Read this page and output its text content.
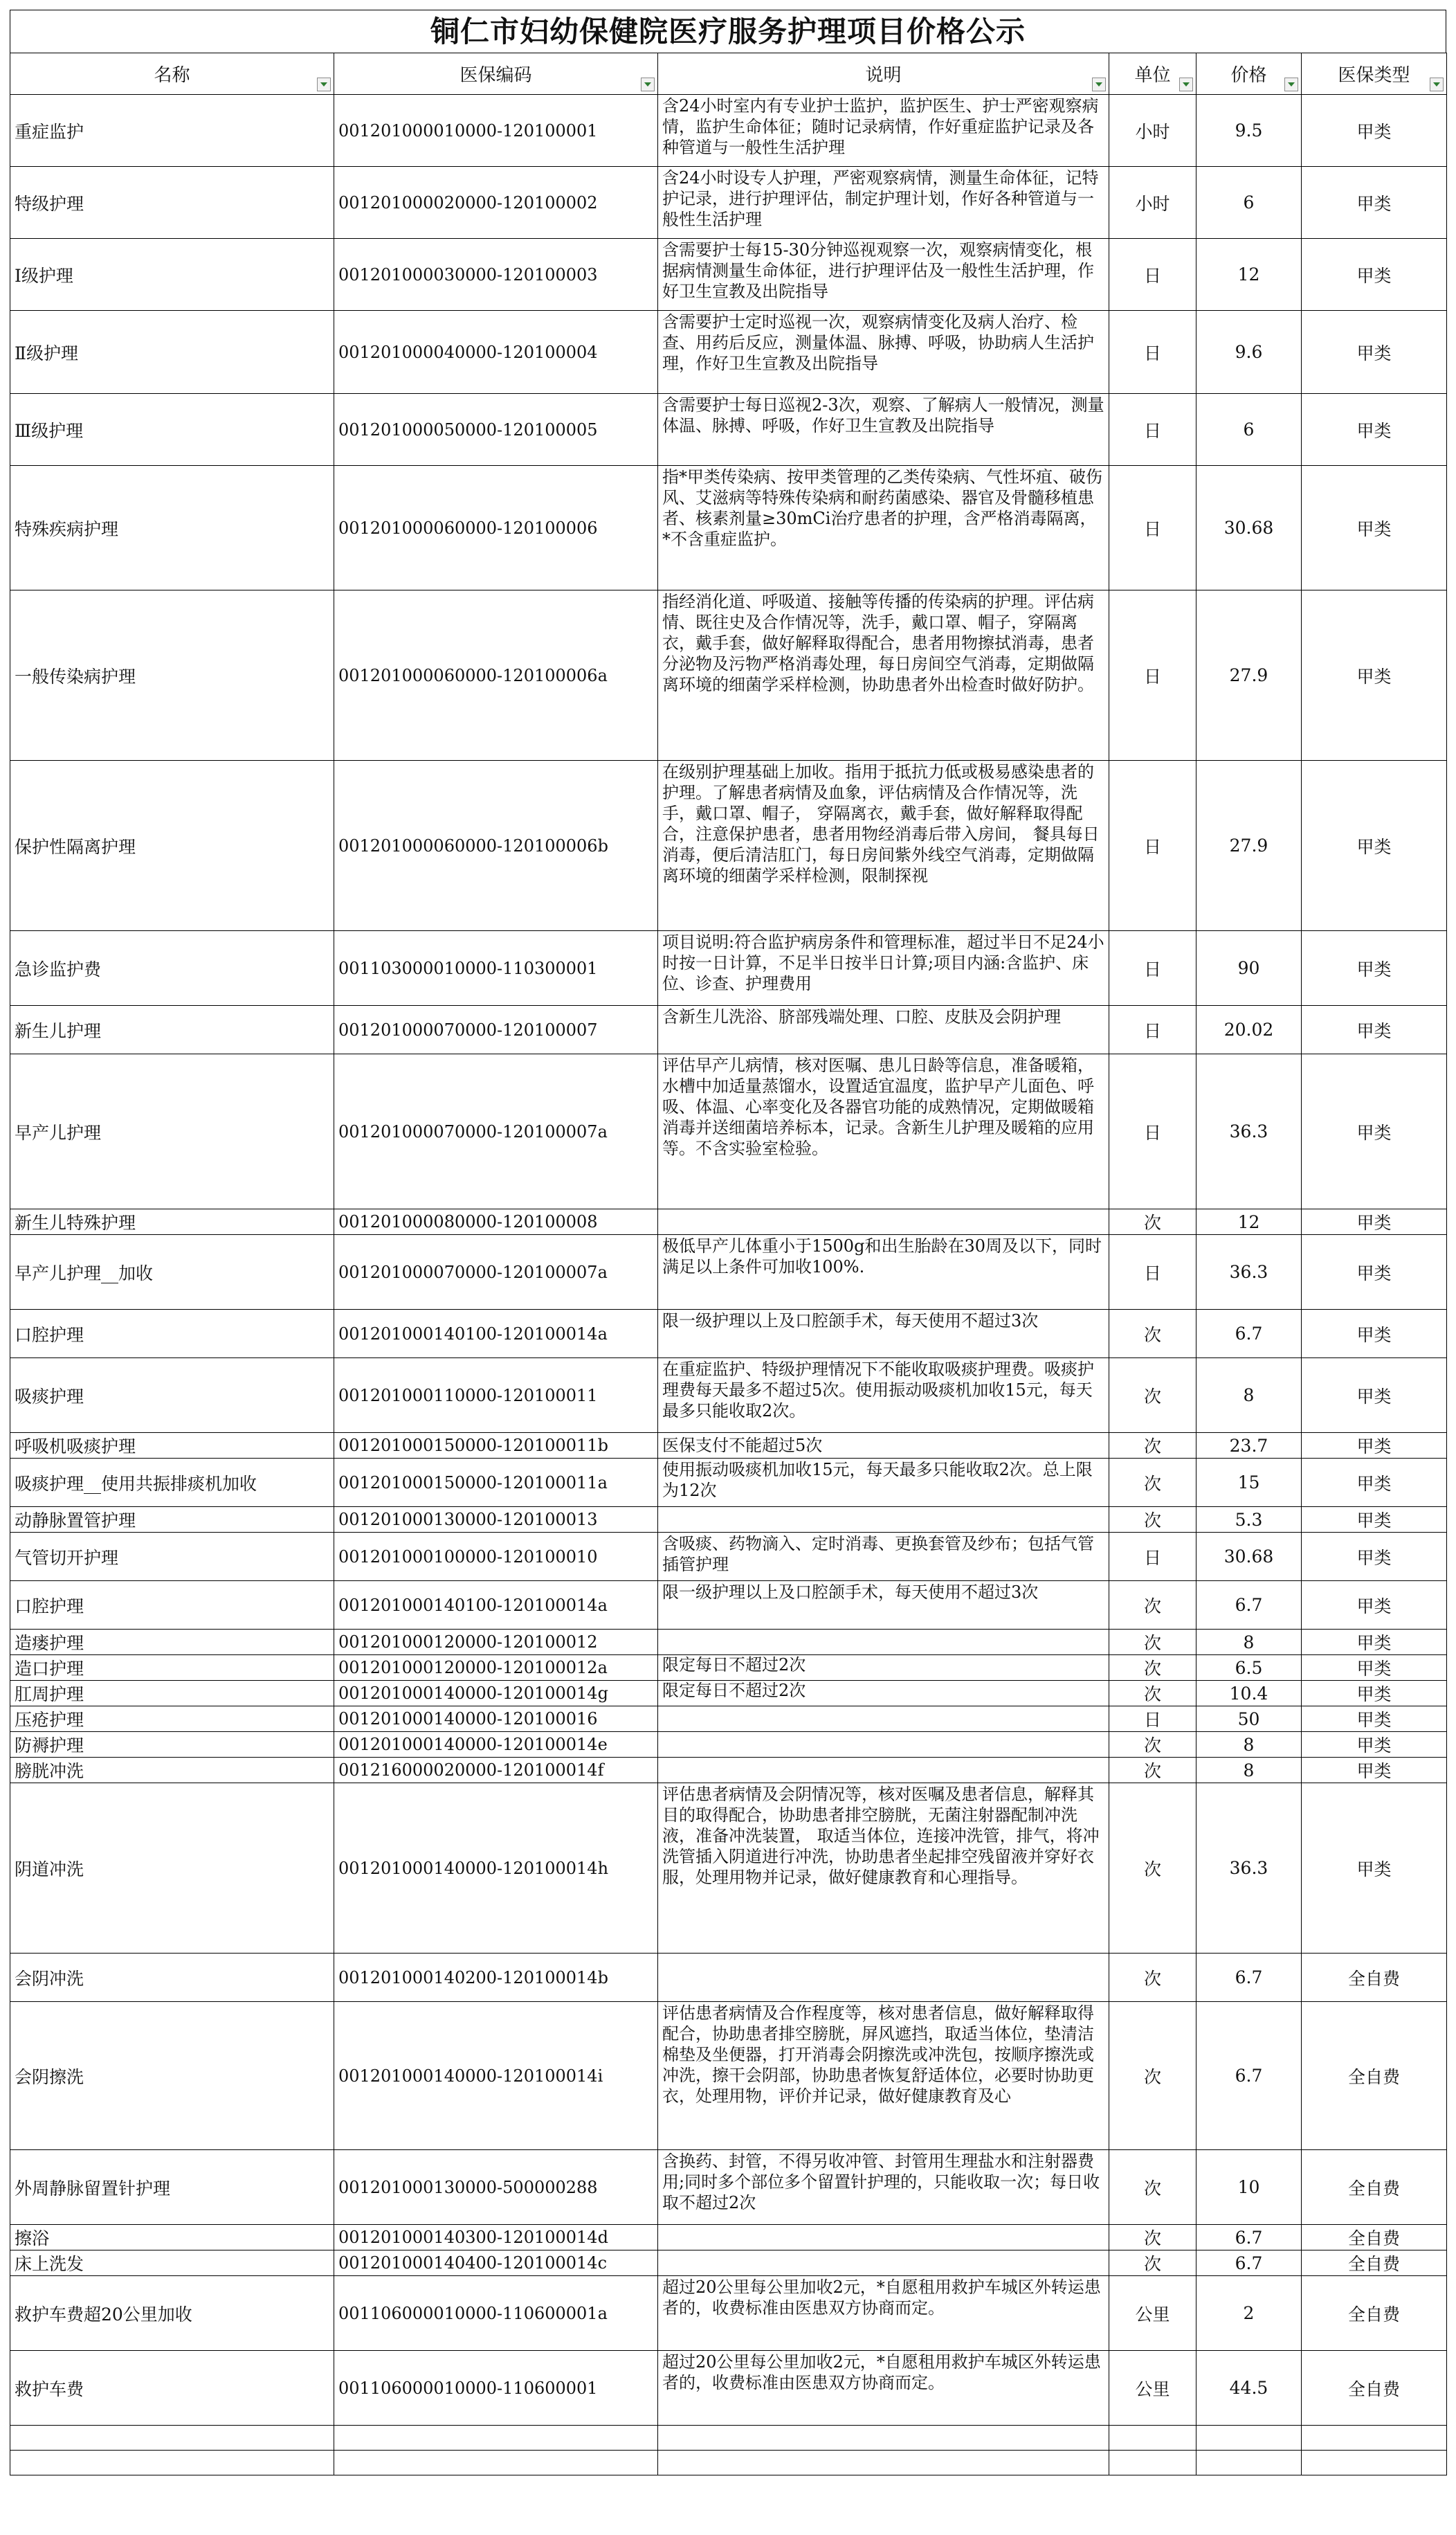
铜仁市妇幼保健院医疗服务护理项目价格公示
名称	医保编码	说明	单位	价格	医保类型

重症监护	001201000010000-120100001	含24小时室内有专业护士监护，监护医生、护士严密观察病情，监护生命体征；随时记录病情，作好重症监护记录及各种管道与一般性生活护理	小时	9.5	甲类
特级护理	001201000020000-120100002	含24小时设专人护理，严密观察病情，测量生命体征，记特护记录，进行护理评估，制定护理计划，作好各种管道与一般性生活护理	小时	6	甲类
Ⅰ级护理	001201000030000-120100003	含需要护士每15-30分钟巡视观察一次，观察病情变化，根据病情测量生命体征，进行护理评估及一般性生活护理，作好卫生宣教及出院指导	日	12	甲类
Ⅱ级护理	001201000040000-120100004	含需要护士定时巡视一次，观察病情变化及病人治疗、检查、用药后反应，测量体温、脉搏、呼吸，协助病人生活护理，作好卫生宣教及出院指导	日	9.6	甲类
Ⅲ级护理	001201000050000-120100005	含需要护士每日巡视2-3次，观察、了解病人一般情况，测量体温、脉搏、呼吸，作好卫生宣教及出院指导	日	6	甲类
特殊疾病护理	001201000060000-120100006	指*甲类传染病、按甲类管理的乙类传染病、气性坏疽、破伤风、艾滋病等特殊传染病和耐药菌感染、器官及骨髓移植患者、核素剂量≥30mCi治疗患者的护理，含严格消毒隔离，*不含重症监护。	日	30.68	甲类
一般传染病护理	001201000060000-120100006a	指经消化道、呼吸道、接触等传播的传染病的护理。评估病情、既往史及合作情况等，洗手，戴口罩、帽子，穿隔离衣，戴手套，做好解释取得配合，患者用物擦拭消毒，患者分泌物及污物严格消毒处理，每日房间空气消毒，定期做隔离环境的细菌学采样检测，协助患者外出检查时做好防护。	日	27.9	甲类
保护性隔离护理	001201000060000-120100006b	在级别护理基础上加收。指用于抵抗力低或极易感染患者的护理。了解患者病情及血象，评估病情及合作情况等，洗手，戴口罩、帽子， 穿隔离衣，戴手套，做好解释取得配合，注意保护患者，患者用物经消毒后带入房间， 餐具每日消毒，便后清洁肛门，每日房间紫外线空气消毒，定期做隔离环境的细菌学采样检测，限制探视	日	27.9	甲类
急诊监护费	001103000010000-110300001	项目说明:符合监护病房条件和管理标准，超过半日不足24小时按一日计算，不足半日按半日计算;项目内涵:含监护、床位、诊查、护理费用	日	90	甲类
新生儿护理	001201000070000-120100007	含新生儿洗浴、脐部残端处理、口腔、皮肤及会阴护理	日	20.02	甲类
早产儿护理	001201000070000-120100007a	评估早产儿病情，核对医嘱、患儿日龄等信息，准备暖箱，水槽中加适量蒸馏水，设置适宜温度，监护早产儿面色、呼吸、体温、心率变化及各器官功能的成熟情况，定期做暖箱消毒并送细菌培养标本，记录。含新生儿护理及暖箱的应用等。不含实验室检验。	日	36.3	甲类
新生儿特殊护理	001201000080000-120100008		次	12	甲类
早产儿护理__加收	001201000070000-120100007a	极低早产儿体重小于1500g和出生胎龄在30周及以下，同时满足以上条件可加收100%.	日	36.3	甲类
口腔护理	001201000140100-120100014a	限一级护理以上及口腔颌手术，每天使用不超过3次	次	6.7	甲类
吸痰护理	001201000110000-120100011	在重症监护、特级护理情况下不能收取吸痰护理费。吸痰护理费每天最多不超过5次。使用振动吸痰机加收15元，每天最多只能收取2次。	次	8	甲类
呼吸机吸痰护理	001201000150000-120100011b	医保支付不能超过5次	次	23.7	甲类
吸痰护理__使用共振排痰机加收	001201000150000-120100011a	使用振动吸痰机加收15元，每天最多只能收取2次。总上限为12次	次	15	甲类
动静脉置管护理	001201000130000-120100013		次	5.3	甲类
气管切开护理	001201000100000-120100010	含吸痰、药物滴入、定时消毒、更换套管及纱布；包括气管插管护理	日	30.68	甲类
口腔护理	001201000140100-120100014a	限一级护理以上及口腔颌手术，每天使用不超过3次	次	6.7	甲类
造瘘护理	001201000120000-120100012		次	8	甲类
造口护理	001201000120000-120100012a	限定每日不超过2次	次	6.5	甲类
肛周护理	001201000140000-120100014g	限定每日不超过2次	次	10.4	甲类
压疮护理	001201000140000-120100016		日	50	甲类
防褥护理	001201000140000-120100014e		次	8	甲类
膀胱冲洗	001216000020000-120100014f		次	8	甲类
阴道冲洗	001201000140000-120100014h	评估患者病情及会阴情况等，核对医嘱及患者信息，解释其目的取得配合，协助患者排空膀胱，无菌注射器配制冲洗液，准备冲洗装置， 取适当体位，连接冲洗管，排气，将冲洗管插入阴道进行冲洗，协助患者坐起排空残留液并穿好衣服，处理用物并记录，做好健康教育和心理指导。	次	36.3	甲类
会阴冲洗	001201000140200-120100014b		次	6.7	全自费
会阴擦洗	001201000140000-120100014i	评估患者病情及合作程度等，核对患者信息，做好解释取得配合，协助患者排空膀胱，屏风遮挡，取适当体位，垫清洁棉垫及坐便器，打开消毒会阴擦洗或冲洗包，按顺序擦洗或冲洗，擦干会阴部，协助患者恢复舒适体位，必要时协助更衣，处理用物，评价并记录，做好健康教育及心	次	6.7	全自费
外周静脉留置针护理	001201000130000-500000288	含换药、封管，不得另收冲管、封管用生理盐水和注射器费用;同时多个部位多个留置针护理的，只能收取一次；每日收取不超过2次	次	10	全自费
擦浴	001201000140300-120100014d		次	6.7	全自费
床上洗发	001201000140400-120100014c		次	6.7	全自费
救护车费超20公里加收	001106000010000-110600001a	超过20公里每公里加收2元，*自愿租用救护车城区外转运患者的，收费标准由医患双方协商而定。	公里	2	全自费
救护车费	001106000010000-110600001	超过20公里每公里加收2元，*自愿租用救护车城区外转运患者的，收费标准由医患双方协商而定。	公里	44.5	全自费
